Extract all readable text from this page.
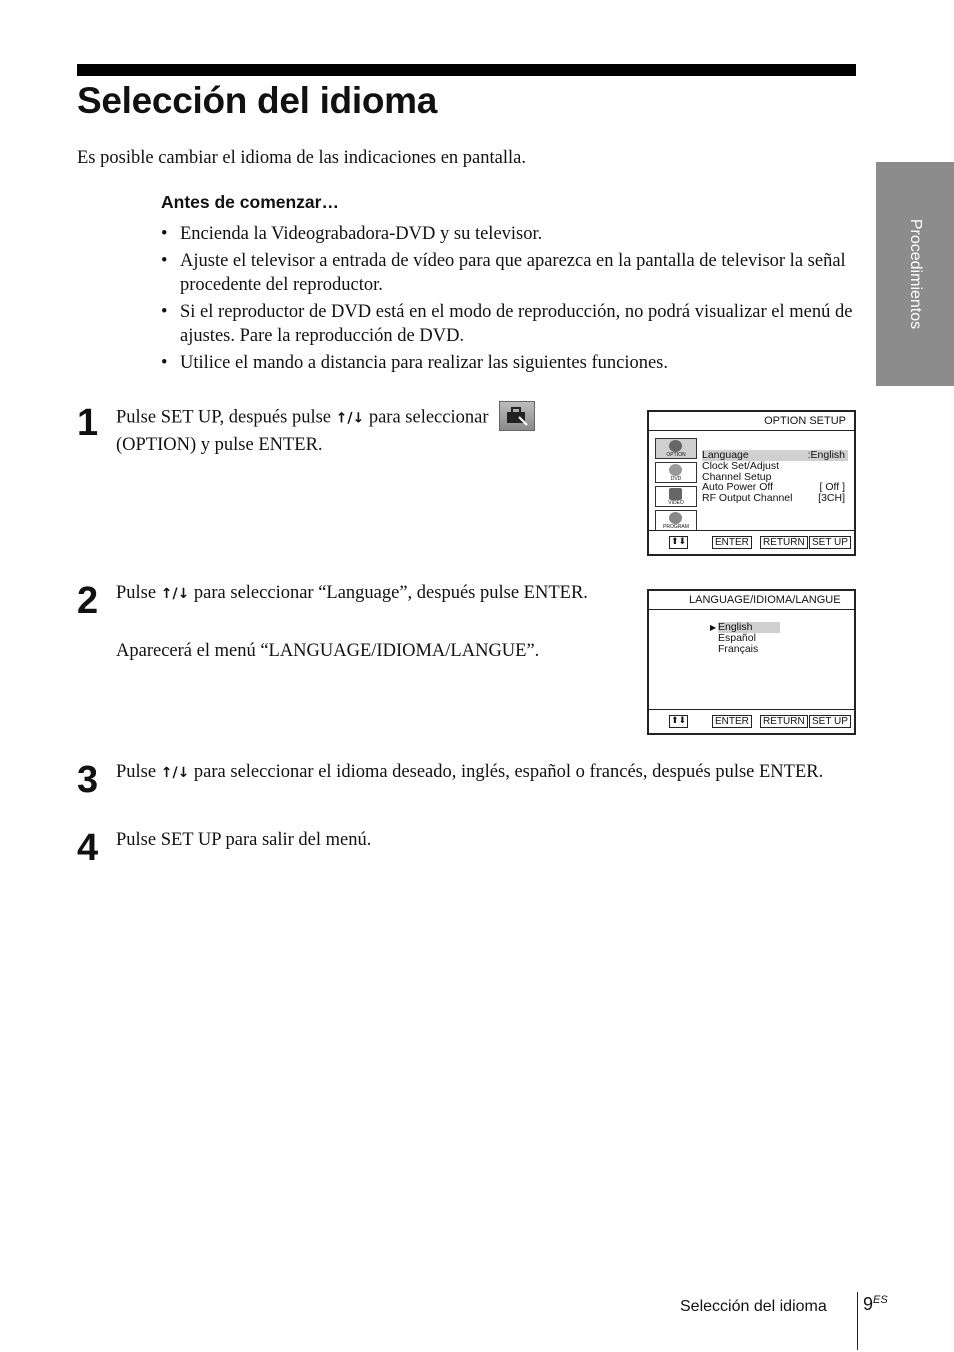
Selección del idioma
Es posible cambiar el idioma de las indicaciones en pantalla.
Antes de comenzar…
• Encienda la Videograbadora-DVD y su televisor.
• Ajuste el televisor a entrada de vídeo para que aparezca en la pantalla de televisor la señal procedente del reproductor.
• Si el reproductor de DVD está en el modo de reproducción, no podrá visualizar el menú de ajustes. Pare la reproducción de DVD.
• Utilice el mando a distancia para realizar las siguientes funciones.
Procedimientos
1 Pulse SET UP, después pulse ↑/↓ para seleccionar

(OPTION) y pulse ENTER.
OPTION SETUP
OPTION
DVD
VIDEO
PROGRAM
Language	:English
Clock Set/Adjust
Channel Setup
Auto Power Off	[ Off ]
RF Output Channel [3CH]
⬆⬇	ENTER	RETURN SET UP
2 Pulse ↑/↓ para seleccionar “Language”, después pulse ENTER.
Aparecerá el menú “LANGUAGE/IDIOMA/LANGUE”.
LANGUAGE/IDIOMA/LANGUE
▶ English
Español
Français
⬆⬇	ENTER	RETURN SET UP
3 Pulse ↑/↓ para seleccionar el idioma deseado, inglés, español o francés, después pulse ENTER.
4 Pulse SET UP para salir del menú.
Selección del idioma $9^{ES}$
